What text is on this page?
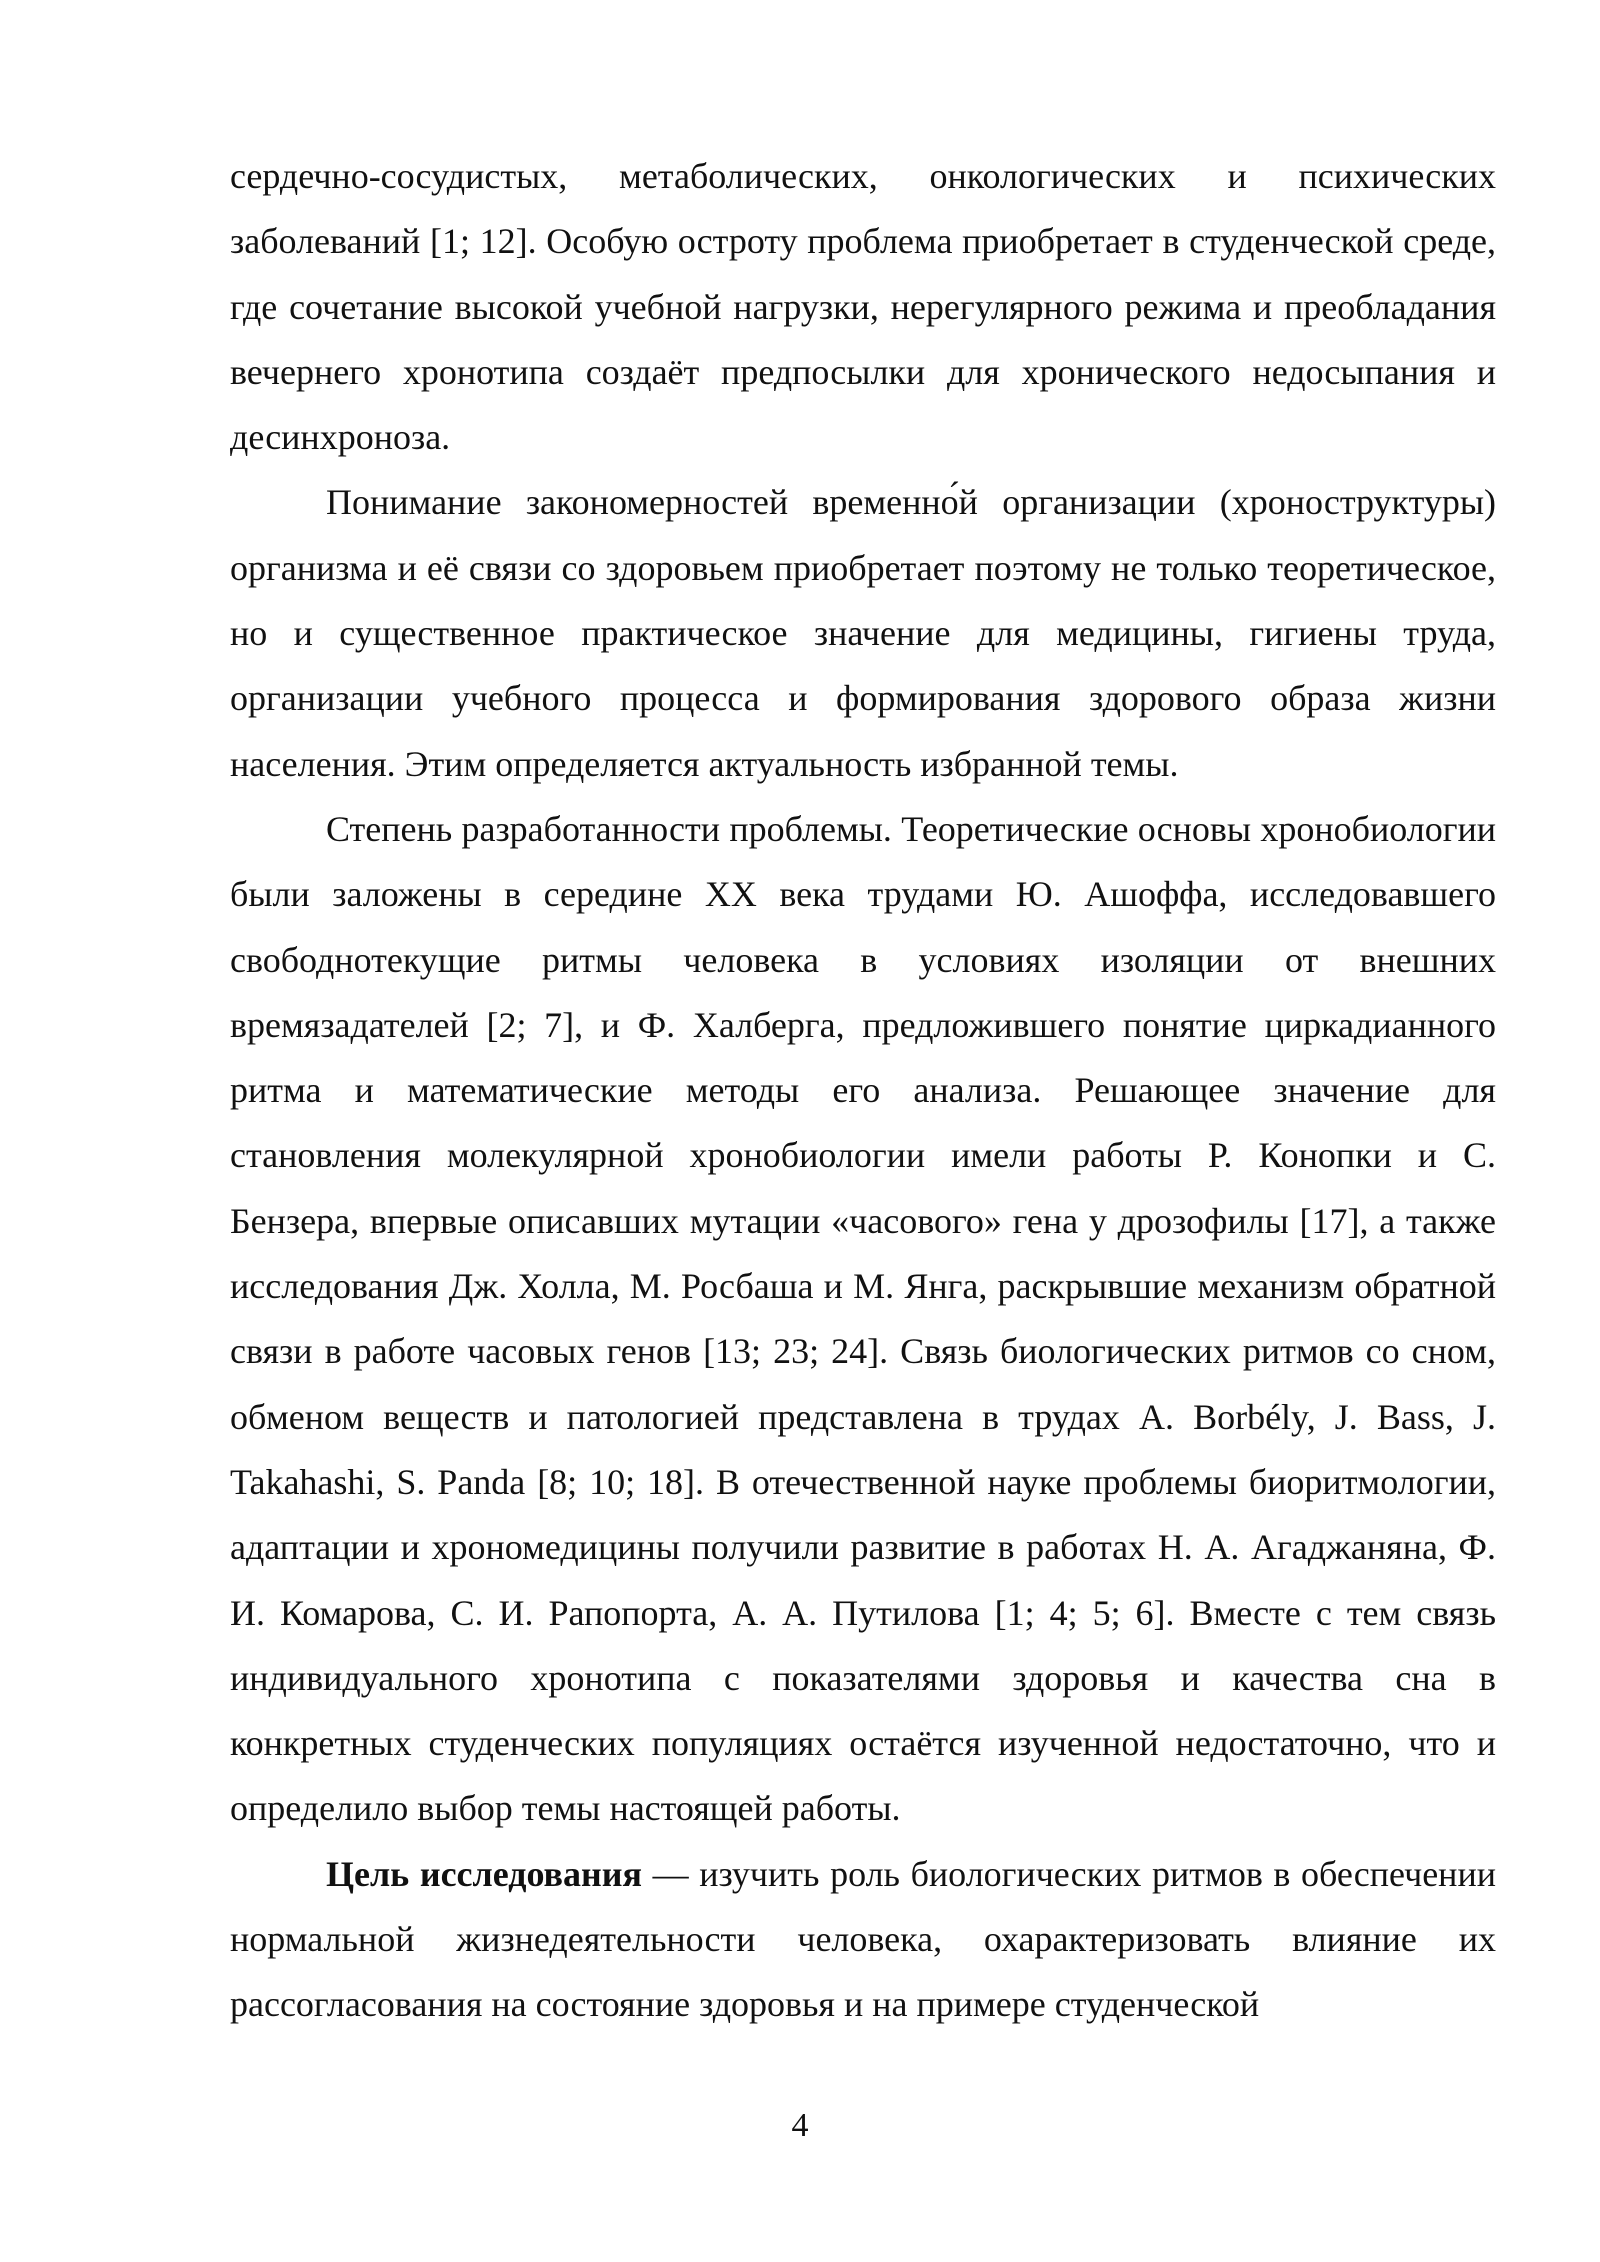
сердечно-сосудистых, метаболических, онкологических и психических заболеваний [1; 12]. Особую остроту проблема приобретает в студенческой среде, где сочетание высокой учебной нагрузки, нерегулярного режима и преобладания вечернего хронотипа создаёт предпосылки для хронического недосыпания и десинхроноза.

Понимание закономерностей временно́й организации (хроноструктуры) организма и её связи со здоровьем приобретает поэтому не только теоретическое, но и существенное практическое значение для медицины, гигиены труда, организации учебного процесса и формирования здорового образа жизни населения. Этим определяется актуальность избранной темы.

Степень разработанности проблемы. Теоретические основы хронобиологии были заложены в середине XX века трудами Ю. Ашоффа, исследовавшего свободнотекущие ритмы человека в условиях изоляции от внешних времязадателей [2; 7], и Ф. Халберга, предложившего понятие циркадианного ритма и математические методы его анализа. Решающее значение для становления молекулярной хронобиологии имели работы Р. Конопки и С. Бензера, впервые описавших мутации «часового» гена у дрозофилы [17], а также исследования Дж. Холла, М. Росбаша и М. Янга, раскрывшие механизм обратной связи в работе часовых генов [13; 23; 24]. Связь биологических ритмов со сном, обменом веществ и патологией представлена в трудах A. Borbély, J. Bass, J. Takahashi, S. Panda [8; 10; 18]. В отечественной науке проблемы биоритмологии, адаптации и хрономедицины получили развитие в работах Н. А. Агаджаняна, Ф. И. Комарова, С. И. Рапопорта, А. А. Путилова [1; 4; 5; 6]. Вместе с тем связь индивидуального хронотипа с показателями здоровья и качества сна в конкретных студенческих популяциях остаётся изученной недостаточно, что и определило выбор темы настоящей работы.

Цель исследования — изучить роль биологических ритмов в обеспечении нормальной жизнедеятельности человека, охарактеризовать влияние их рассогласования на состояние здоровья и на примере студенческой

4
